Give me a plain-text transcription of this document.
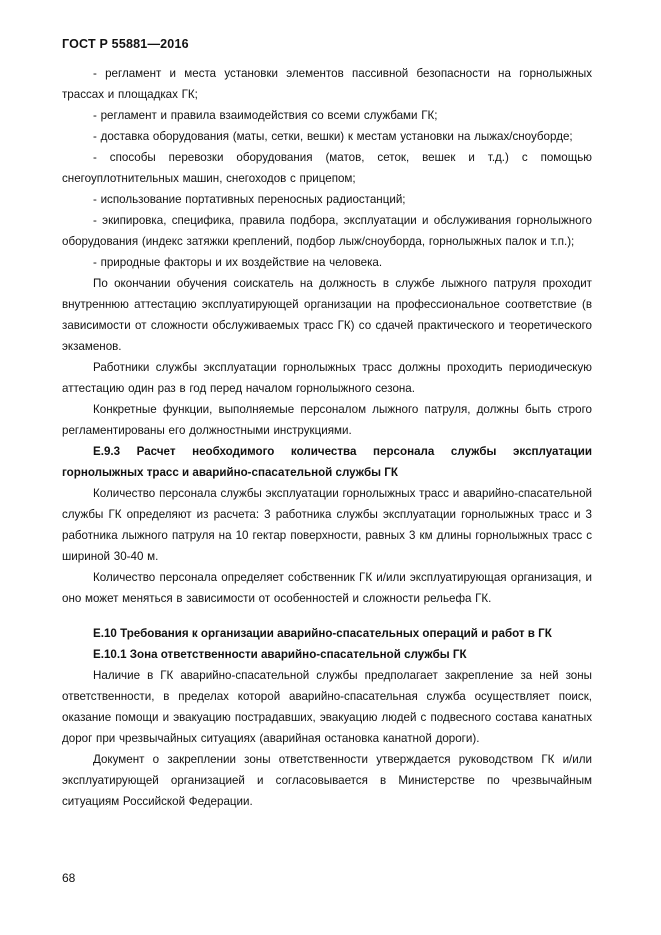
ГОСТ Р 55881—2016

- регламент и места установки элементов пассивной безопасности на горнолыжных трассах и площадках ГК;

- регламент и правила взаимодействия со всеми службами ГК;

- доставка оборудования (маты, сетки, вешки) к местам установки на лыжах/сноуборде;

- способы перевозки оборудования (матов, сеток, вешек и т.д.) с помощью снегоуплотнительных машин, снегоходов с прицепом;

- использование портативных переносных радиостанций;

- экипировка, специфика, правила подбора, эксплуатации и обслуживания горнолыжного оборудования (индекс затяжки креплений, подбор лыж/сноуборда, горнолыжных палок и т.п.);

- природные факторы и их воздействие на человека.

По окончании обучения соискатель на должность в службе лыжного патруля проходит внутреннюю аттестацию эксплуатирующей организации на профессиональное соответствие (в зависимости от сложности обслуживаемых трасс ГК) со сдачей практического и теоретического экзаменов.

Работники службы эксплуатации горнолыжных трасс должны проходить периодическую аттестацию один раз в год перед началом горнолыжного сезона.

Конкретные функции, выполняемые персоналом лыжного патруля, должны быть строго регламентированы его должностными инструкциями.

Е.9.3 Расчет необходимого количества персонала службы эксплуатации горнолыжных трасс и аварийно-спасательной службы ГК

Количество персонала службы эксплуатации горнолыжных трасс и аварийно-спасательной службы ГК определяют из расчета: 3 работника службы эксплуатации горнолыжных трасс и 3 работника лыжного патруля на 10 гектар поверхности, равных 3 км длины горнолыжных трасс с шириной 30-40 м.

Количество персонала определяет собственник ГК и/или эксплуатирующая организация, и оно может меняться в зависимости от особенностей и сложности рельефа ГК.

Е.10 Требования к организации аварийно-спасательных операций и работ в ГК

Е.10.1 Зона ответственности аварийно-спасательной службы ГК

Наличие в ГК аварийно-спасательной службы предполагает закрепление за ней зоны ответственности, в пределах которой аварийно-спасательная служба осуществляет поиск, оказание помощи и эвакуацию пострадавших, эвакуацию людей с подвесного состава канатных дорог при чрезвычайных ситуациях (аварийная остановка канатной дороги).

Документ о закреплении зоны ответственности утверждается руководством ГК и/или эксплуатирующей организацией и согласовывается в Министерстве по чрезвычайным ситуациям Российской Федерации.

68
